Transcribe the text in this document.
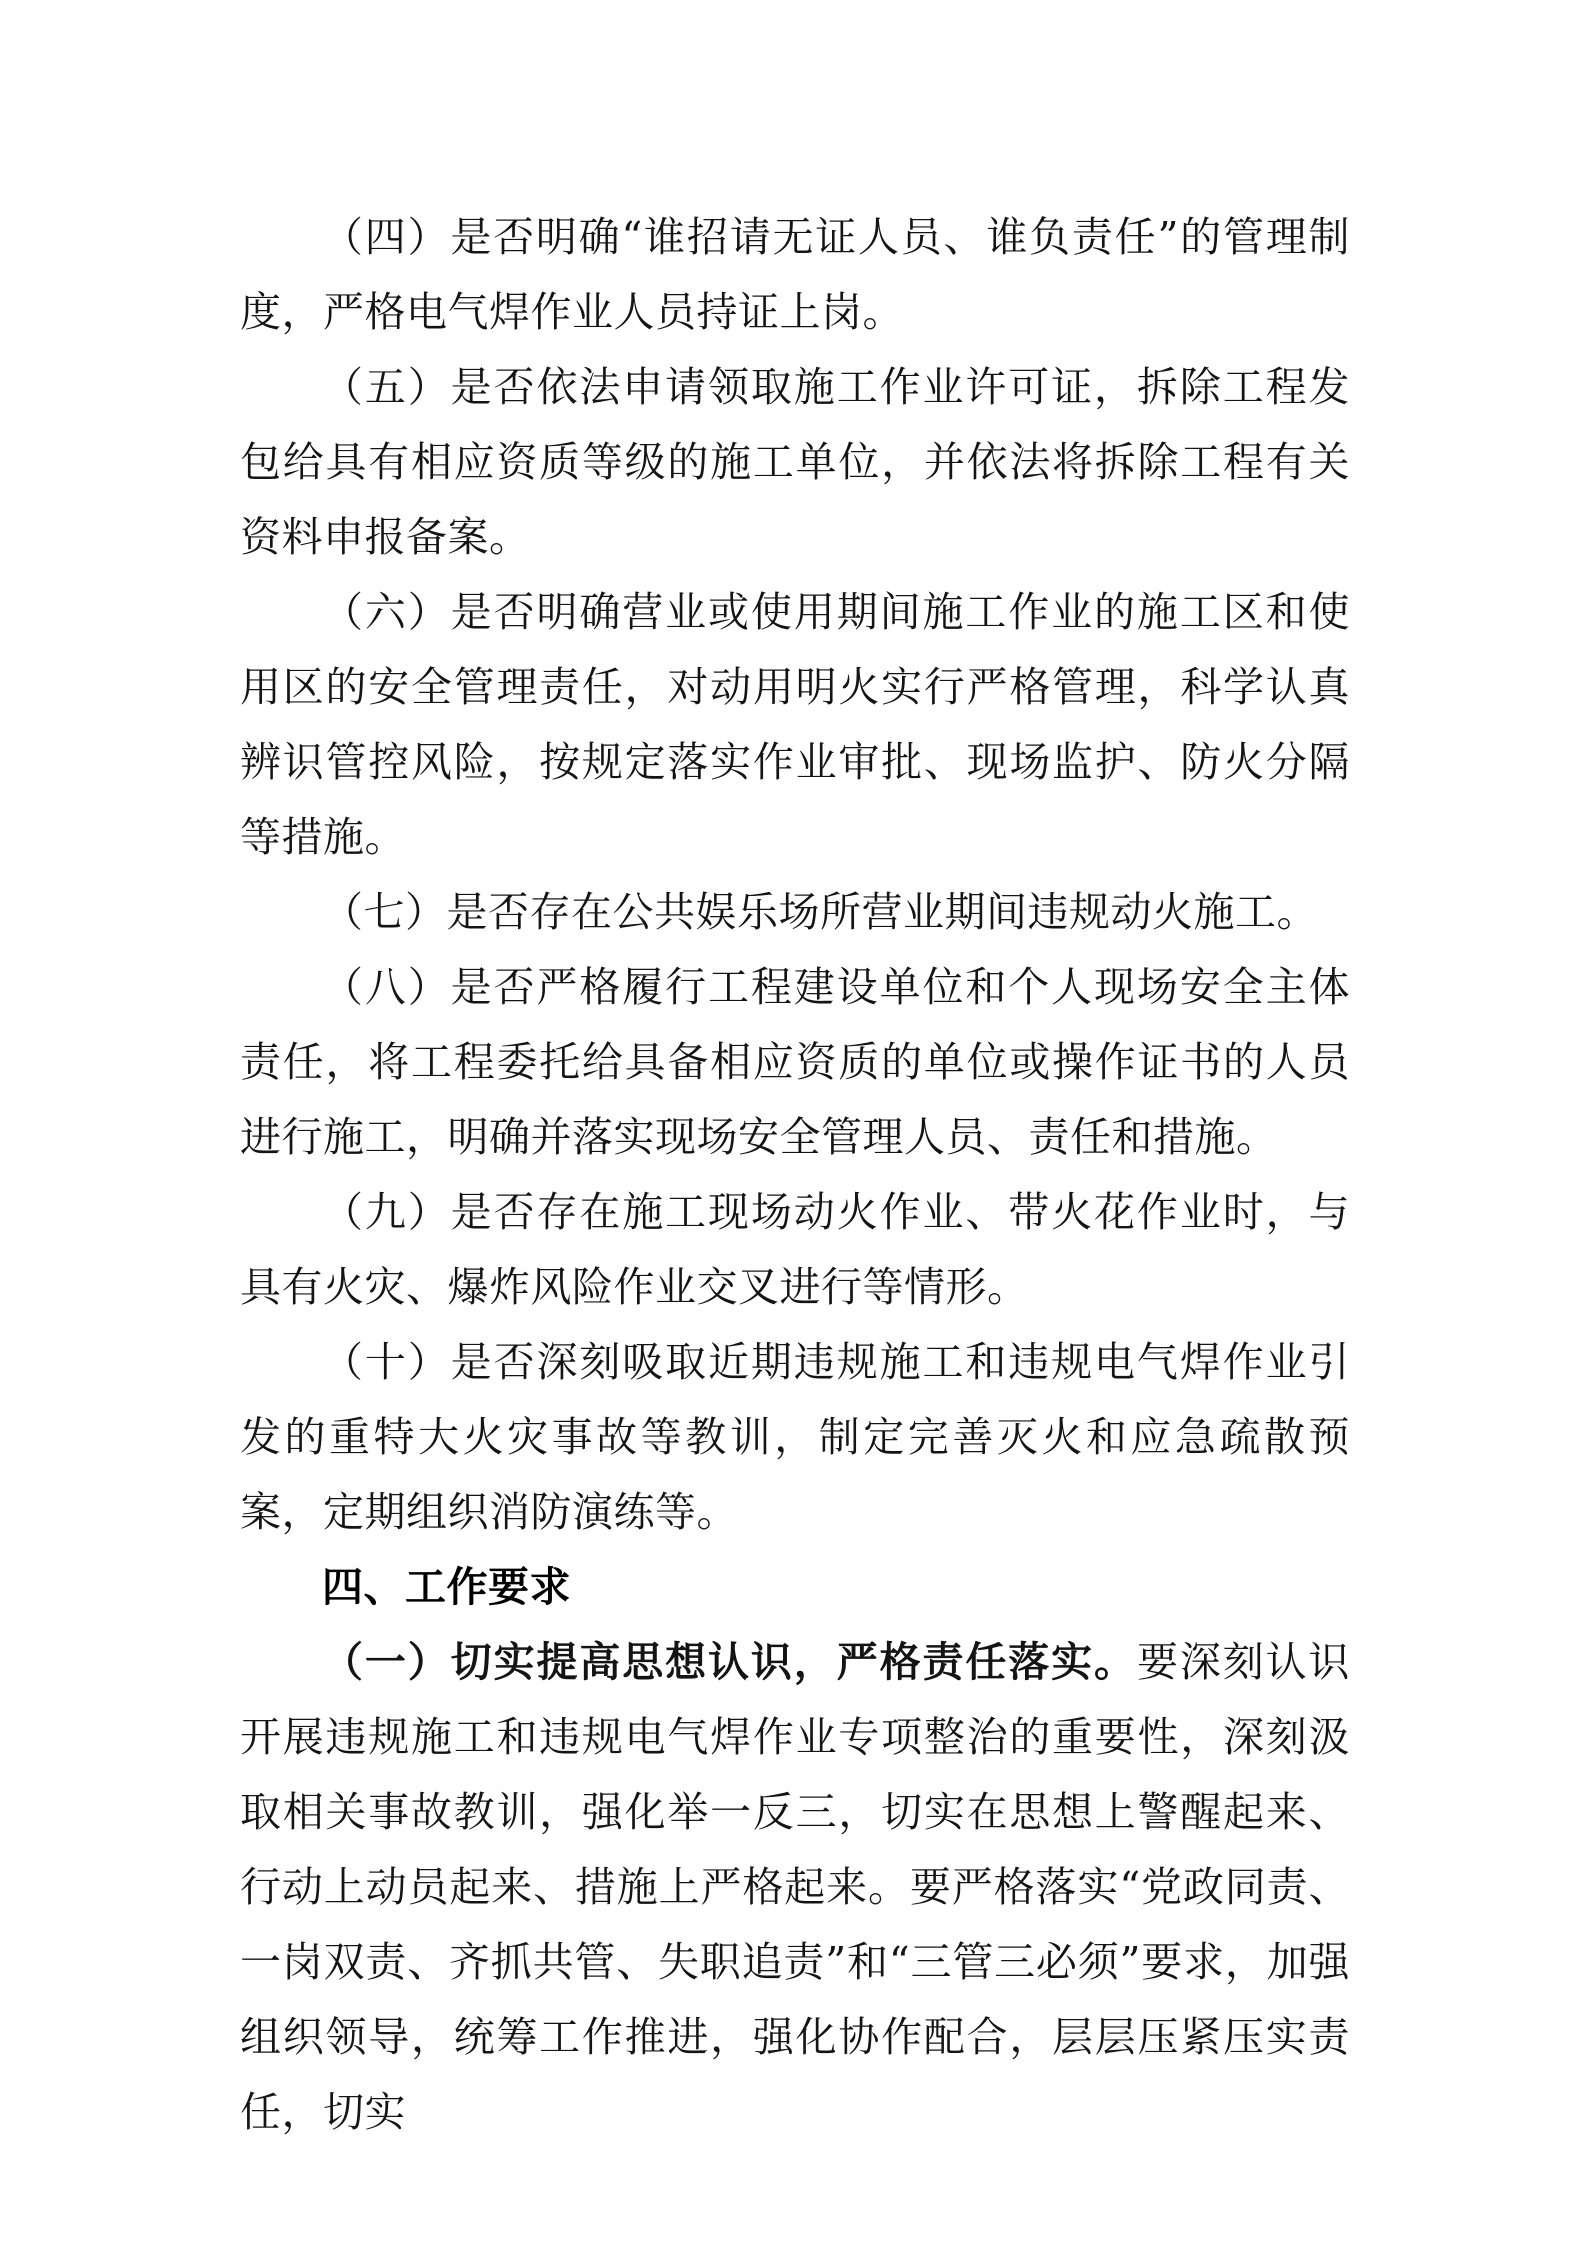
（四）是否明确“谁招请无证人员、谁负责任”的管理制度，严格电气焊作业人员持证上岗。

（五）是否依法申请领取施工作业许可证，拆除工程发包给具有相应资质等级的施工单位，并依法将拆除工程有关资料申报备案。

（六）是否明确营业或使用期间施工作业的施工区和使用区的安全管理责任，对动用明火实行严格管理，科学认真辨识管控风险，按规定落实作业审批、现场监护、防火分隔等措施。

（七）是否存在公共娱乐场所营业期间违规动火施工。

（八）是否严格履行工程建设单位和个人现场安全主体责任，将工程委托给具备相应资质的单位或操作证书的人员进行施工，明确并落实现场安全管理人员、责任和措施。

（九）是否存在施工现场动火作业、带火花作业时，与具有火灾、爆炸风险作业交叉进行等情形。

（十）是否深刻吸取近期违规施工和违规电气焊作业引发的重特大火灾事故等教训，制定完善灭火和应急疏散预案，定期组织消防演练等。

四、工作要求

（一）切实提高思想认识，严格责任落实。要深刻认识开展违规施工和违规电气焊作业专项整治的重要性，深刻汲取相关事故教训，强化举一反三，切实在思想上警醒起来、行动上动员起来、措施上严格起来。要严格落实“党政同责、一岗双责、齐抓共管、失职追责”和“三管三必须”要求，加强组织领导，统筹工作推进，强化协作配合，层层压紧压实责任，切实
